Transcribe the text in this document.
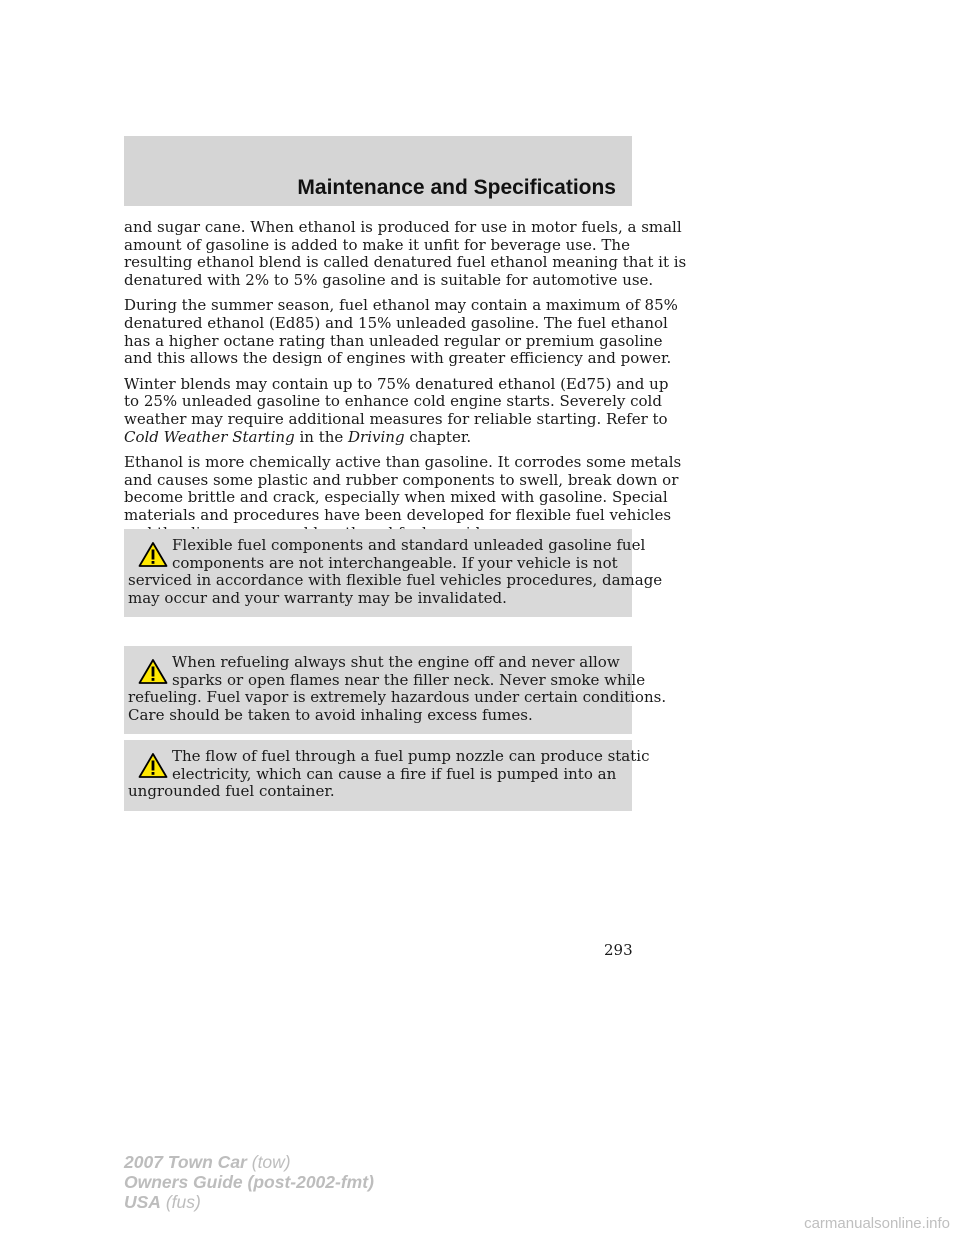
Maintenance and Specifications

and sugar cane. When ethanol is produced for use in motor fuels, a small
amount of gasoline is added to make it unfit for beverage use. The
resulting ethanol blend is called denatured fuel ethanol meaning that it is
denatured with 2% to 5% gasoline and is suitable for automotive use.

During the summer season, fuel ethanol may contain a maximum of 85%
denatured ethanol (Ed85) and 15% unleaded gasoline. The fuel ethanol
has a higher octane rating than unleaded regular or premium gasoline
and this allows the design of engines with greater efficiency and power.

Winter blends may contain up to 75% denatured ethanol (Ed75) and up
to 25% unleaded gasoline to enhance cold engine starts. Severely cold
weather may require additional measures for reliable starting. Refer to
Cold Weather Starting in the Driving chapter.

Ethanol is more chemically active than gasoline. It corrodes some metals
and causes some plastic and rubber components to swell, break down or
become brittle and crack, especially when mixed with gasoline. Special
materials and procedures have been developed for flexible fuel vehicles

Flexible fuel components and standard unleaded gasoline fuel
components are not interchangeable. If your vehicle is not
serviced in accordance with flexible fuel vehicles procedures, damage
may occur and your warranty may be invalidated.
When refueling always shut the engine off and never allow
sparks or open flames near the filler neck. Never smoke while
refueling. Fuel vapor is extremely hazardous under certain conditions.
Care should be taken to avoid inhaling excess fumes.
The flow of fuel through a fuel pump nozzle can produce static
electricity, which can cause a fire if fuel is pumped into an
ungrounded fuel container.
293
2007 Town Car (tow)
Owners Guide (post-2002-fmt)
USA (fus)
carmanualsonline.info
